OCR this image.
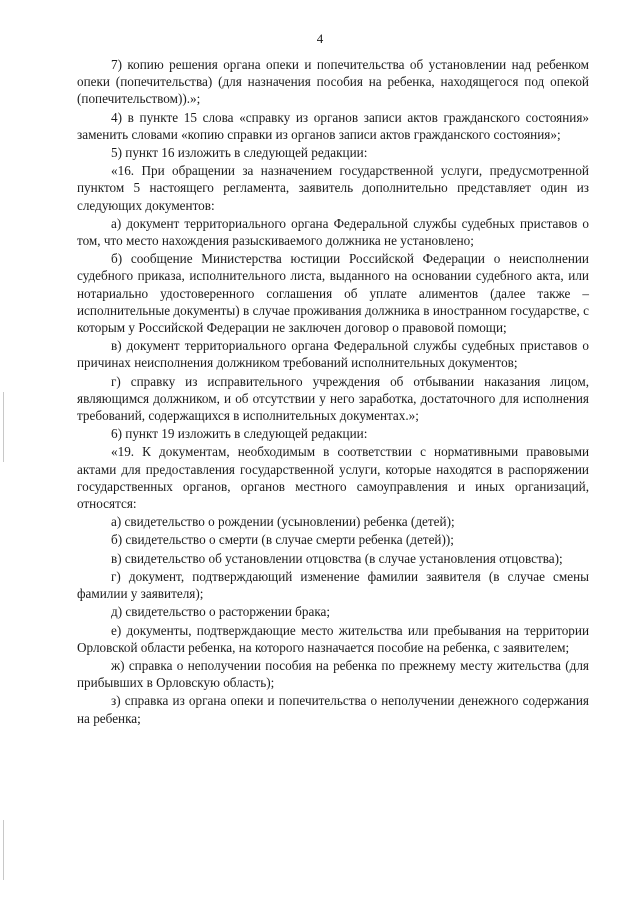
4

7) копию решения органа опеки и попечительства об установлении над ребенком опеки (попечительства) (для назначения пособия на ребенка, находящегося под опекой (попечительством)).»;

4) в пункте 15 слова «справку из органов записи актов гражданского состояния» заменить словами «копию справки из органов записи актов гражданского состояния»;

5) пункт 16 изложить в следующей редакции:

«16. При обращении за назначением государственной услуги, предусмотренной пунктом 5 настоящего регламента, заявитель дополнительно представляет один из следующих документов:

а) документ территориального органа Федеральной службы судебных приставов о том, что место нахождения разыскиваемого должника не установлено;

б) сообщение Министерства юстиции Российской Федерации о неисполнении судебного приказа, исполнительного листа, выданного на основании судебного акта, или нотариально удостоверенного соглашения об уплате алиментов (далее также – исполнительные документы) в случае проживания должника в иностранном государстве, с которым у Российской Федерации не заключен договор о правовой помощи;

в) документ территориального органа Федеральной службы судебных приставов о причинах неисполнения должником требований исполнительных документов;

г) справку из исправительного учреждения об отбывании наказания лицом, являющимся должником, и об отсутствии у него заработка, достаточного для исполнения требований, содержащихся в исполнительных документах.»;

6) пункт 19 изложить в следующей редакции:

«19. К документам, необходимым в соответствии с нормативными правовыми актами для предоставления государственной услуги, которые находятся в распоряжении государственных органов, органов местного самоуправления и иных организаций, относятся:

а) свидетельство о рождении (усыновлении) ребенка (детей);

б) свидетельство о смерти (в случае смерти ребенка (детей));

в) свидетельство об установлении отцовства (в случае установления отцовства);

г) документ, подтверждающий изменение фамилии заявителя (в случае смены фамилии у заявителя);

д) свидетельство о расторжении брака;

е) документы, подтверждающие место жительства или пребывания на территории Орловской области ребенка, на которого назначается пособие на ребенка, с заявителем;

ж) справка о неполучении пособия на ребенка по прежнему месту жительства (для прибывших в Орловскую область);

з) справка из органа опеки и попечительства о неполучении денежного содержания на ребенка;
